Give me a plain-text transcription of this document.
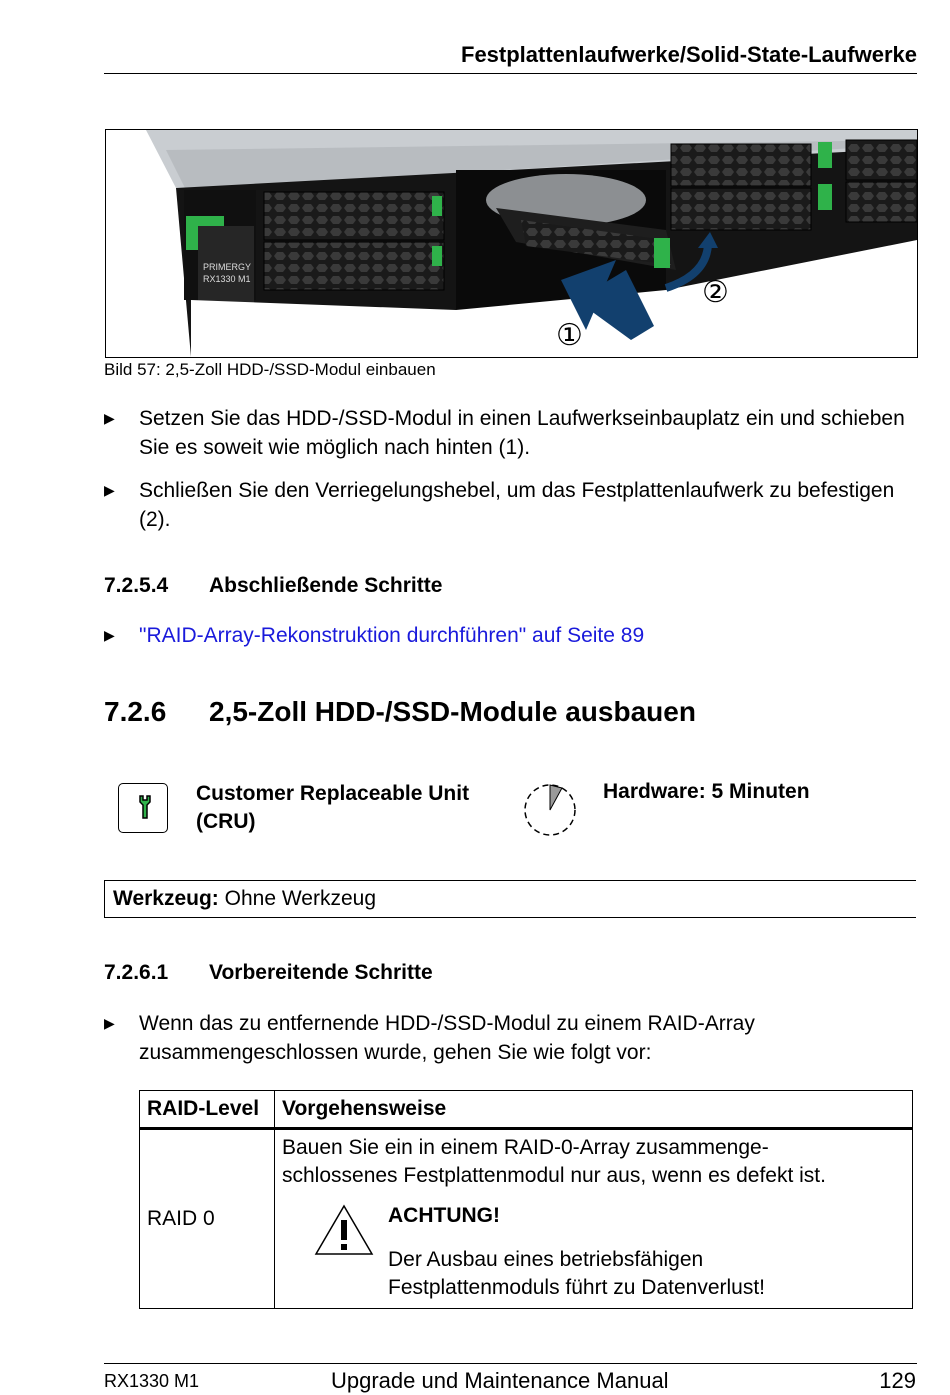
Festplattenlaufwerke/Solid-State-Laufwerke
PRIMERGY
RX1330 M1
①
②
Bild 57: 2,5-Zoll HDD-/SSD-Modul einbauen
▶ Setzen Sie das HDD-/SSD-Modul in einen Laufwerkseinbauplatz ein und schieben Sie es soweit wie möglich nach hinten (1).
▶ Schließen Sie den Verriegelungshebel, um das Festplattenlaufwerk zu befestigen (2).
7.2.5.4 Abschließende Schritte
▶ "RAID-Array-Rekonstruktion durchführen" auf Seite 89
7.2.6 2,5-Zoll HDD-/SSD-Module ausbauen
Customer Replaceable Unit
(CRU)
Hardware: 5 Minuten
Werkzeug: Ohne Werkzeug
7.2.6.1 Vorbereitende Schritte
▶ Wenn das zu entfernende HDD-/SSD-Modul zu einem RAID-Array zusammengeschlossen wurde, gehen Sie wie folgt vor:
RAID-Level	Vorgehensweise
RAID 0	Bauen Sie ein in einem RAID-0-Array zusammenge-
schlossenes Festplattenmodul nur aus, wenn es defekt ist.
ACHTUNG!
Der Ausbau eines betriebsfähigen
Festplattenmoduls führt zu Datenverlust!
RX1330 M1	Upgrade und Maintenance Manual	129
